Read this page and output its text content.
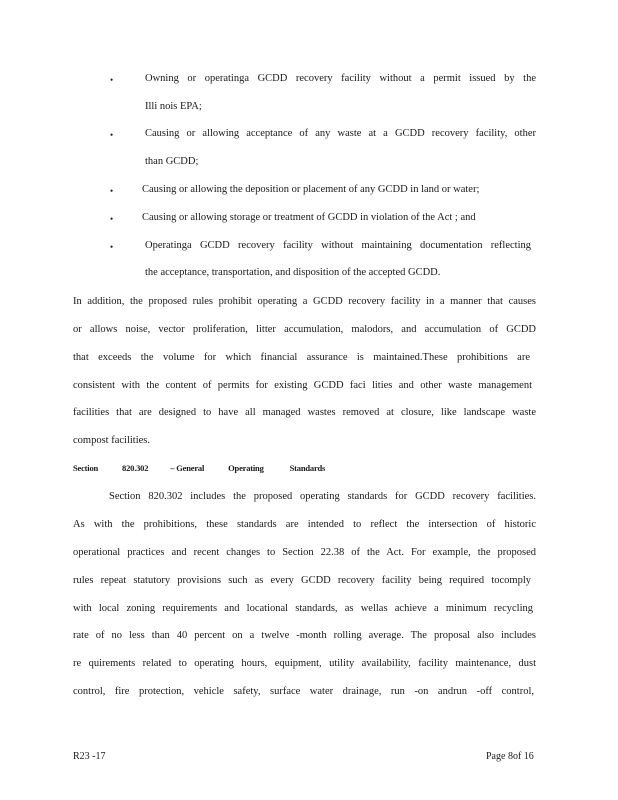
•	Owning or operatinga GCDD recovery facility without a permit issued by the
Illi nois EPA;
•	Causing or allowing acceptance of any waste at a GCDD recovery facility, other
than GCDD;
•	Causing or allowing the deposition or placement of any GCDD in land or water;
•	Causing or allowing storage or treatment of GCDD in violation of the Act ; and
•	Operatinga GCDD recovery facility without maintaining documentation reflecting
the acceptance, transportation, and disposition of the accepted GCDD.
In addition, the proposed rules prohibit operating a GCDD recovery facility in a manner that causes
or allows noise, vector proliferation, litter accumulation, malodors, and accumulation of GCDD
that exceeds the volume for which financial assurance is maintained.These prohibitions are
consistent with the content of permits for existing GCDD faci lities and other waste management
facilities that are designed to have all managed wastes removed at closure, like landscape waste
compost facilities.
Section	820.302	– General	Operating	Standards
Section 820.302 includes the proposed operating standards for GCDD recovery facilities.
As with the prohibitions, these standards are intended to reflect the intersection of historic
operational practices and recent changes to Section 22.38 of the Act. For example, the proposed
rules repeat statutory provisions such as every GCDD recovery facility being required tocomply
with local zoning requirements and locational standards, as wellas achieve a minimum recycling
rate of no less than 40 percent on a twelve -month rolling average. The proposal also includes
re quirements related to operating hours, equipment, utility availability, facility maintenance, dust
control, fire protection, vehicle safety, surface water drainage, run -on andrun -off control,
R23 -17	Page 8of 16
